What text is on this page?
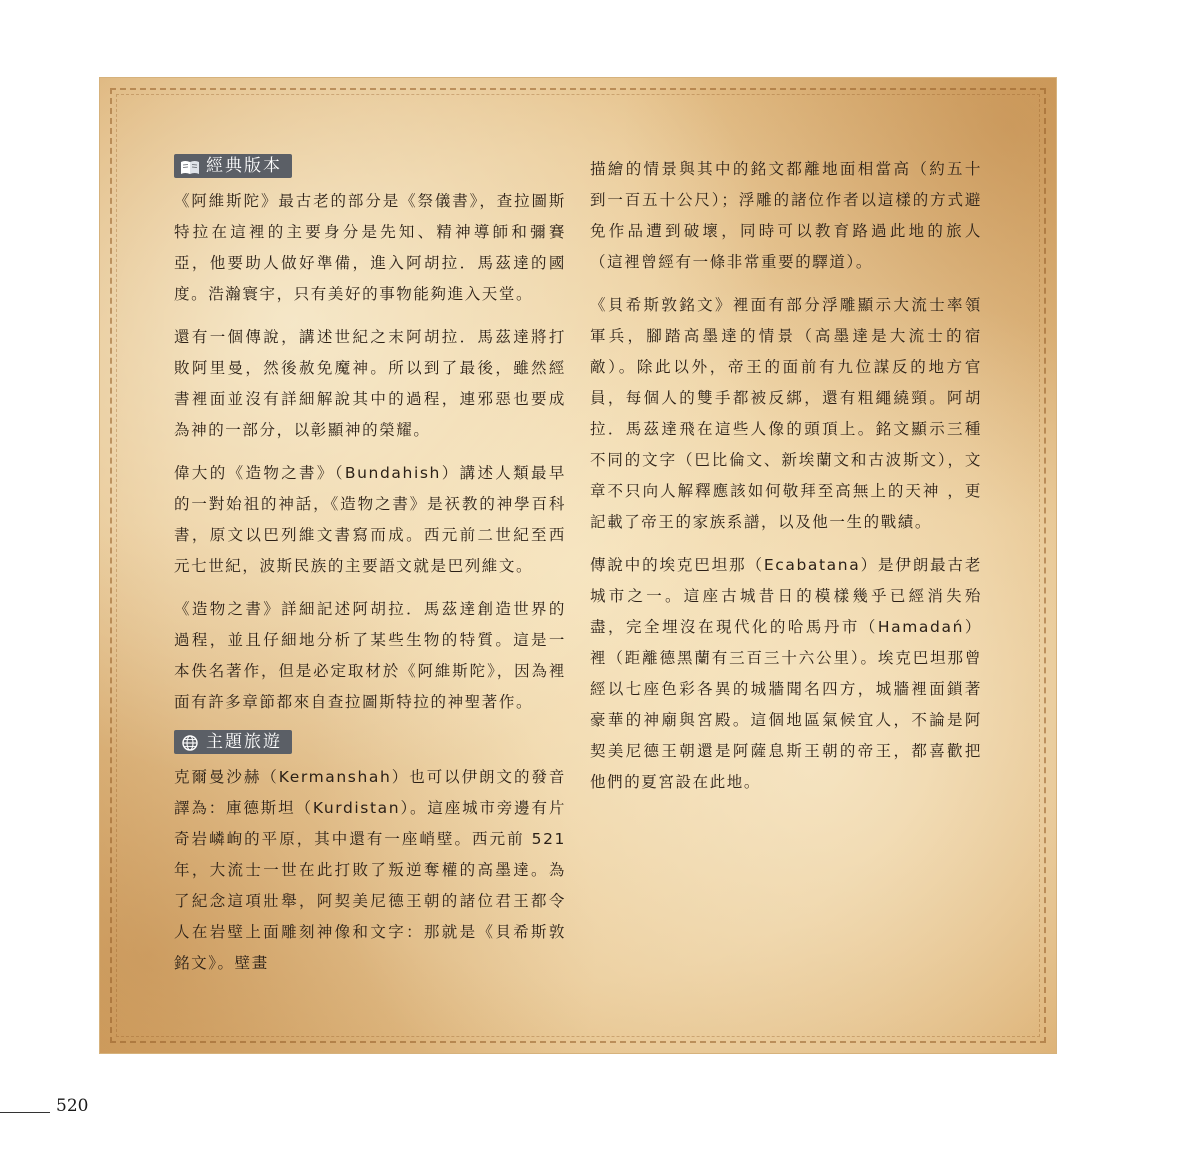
經典版本

《阿維斯陀》最古老的部分是《祭儀書》，查拉圖斯特拉在這裡的主要身分是先知、精神導師和彌賽亞，他要助人做好準備，進入阿胡拉．馬茲達的國度。浩瀚寰宇，只有美好的事物能夠進入天堂。

還有一個傳說，講述世紀之末阿胡拉．馬茲達將打敗阿里曼，然後赦免魔神。所以到了最後，雖然經書裡面並沒有詳細解說其中的過程，連邪惡也要成為神的一部分，以彰顯神的榮耀。

偉大的《造物之書》（Bundahish）講述人類最早的一對始祖的神話，《造物之書》是祆教的神學百科書，原文以巴列維文書寫而成。西元前二世紀至西元七世紀，波斯民族的主要語文就是巴列維文。

《造物之書》詳細記述阿胡拉．馬茲達創造世界的過程，並且仔細地分析了某些生物的特質。這是一本佚名著作，但是必定取材於《阿維斯陀》，因為裡面有許多章節都來自查拉圖斯特拉的神聖著作。

主題旅遊

克爾曼沙赫（Kermanshah）也可以伊朗文的發音譯為：庫德斯坦（Kurdistan）。這座城市旁邊有片奇岩嶙峋的平原，其中還有一座峭壁。西元前 521 年，大流士一世在此打敗了叛逆奪權的高墨達。為了紀念這項壯舉，阿契美尼德王朝的諸位君王都令人在岩壁上面雕刻神像和文字：那就是《貝希斯敦銘文》。壁畫

描繪的情景與其中的銘文都離地面相當高（約五十到一百五十公尺）；浮雕的諸位作者以這樣的方式避免作品遭到破壞，同時可以教育路過此地的旅人（這裡曾經有一條非常重要的驛道）。

《貝希斯敦銘文》裡面有部分浮雕顯示大流士率領軍兵，腳踏高墨達的情景（高墨達是大流士的宿敵）。除此以外，帝王的面前有九位謀反的地方官員，每個人的雙手都被反綁，還有粗繩繞頸。阿胡拉．馬茲達飛在這些人像的頭頂上。銘文顯示三種不同的文字（巴比倫文、新埃蘭文和古波斯文），文章不只向人解釋應該如何敬拜至高無上的天神 ，更記載了帝王的家族系譜，以及他一生的戰績。

傳說中的埃克巴坦那（Ecabatana）是伊朗最古老城市之一。這座古城昔日的模樣幾乎已經消失殆盡，完全埋沒在現代化的哈馬丹市（Hamadań）裡（距離德黑蘭有三百三十六公里）。埃克巴坦那曾經以七座色彩各異的城牆聞名四方，城牆裡面鎖著豪華的神廟與宮殿。這個地區氣候宜人，不論是阿契美尼德王朝還是阿薩息斯王朝的帝王，都喜歡把他們的夏宮設在此地。

520
